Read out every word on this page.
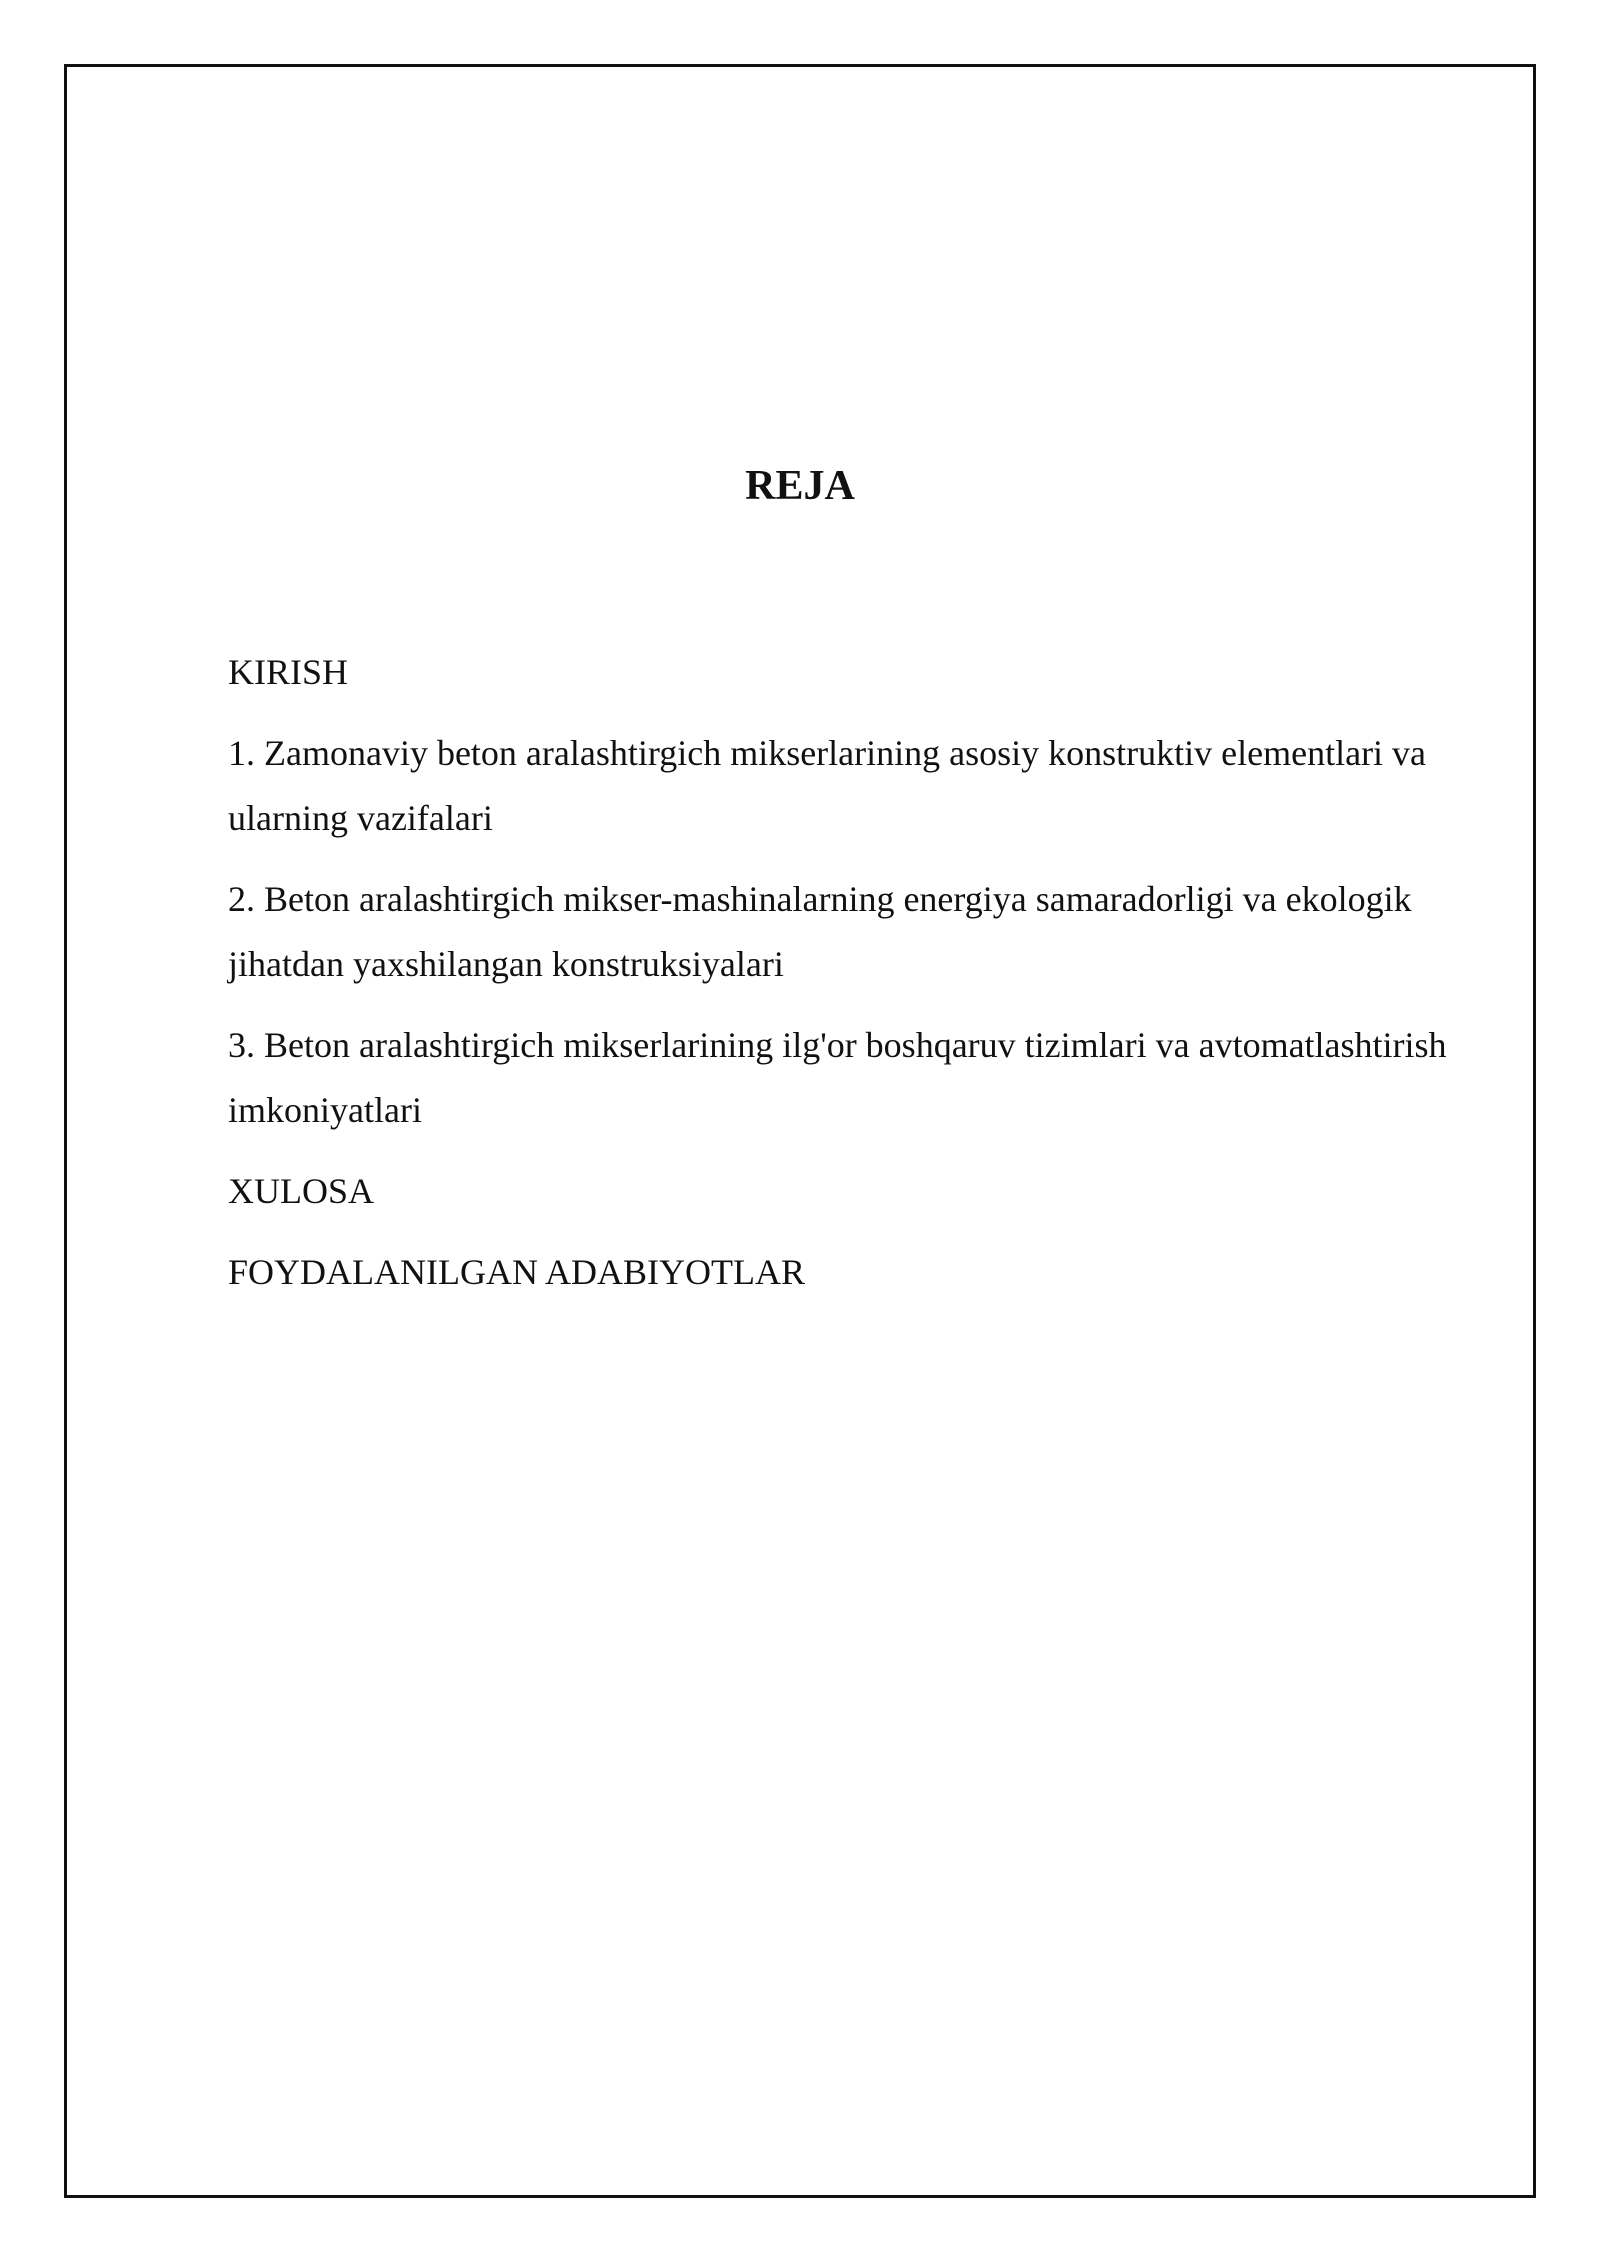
REJA
KIRISH
1. Zamonaviy beton aralashtirgich mikserlarining asosiy konstruktiv elementlari va ularning vazifalari
2. Beton aralashtirgich mikser-mashinalarning energiya samaradorligi va ekologik jihatdan yaxshilangan konstruksiyalari
3. Beton aralashtirgich mikserlarining ilg'or boshqaruv tizimlari va avtomatlashtirish imkoniyatlari
XULOSA
FOYDALANILGAN ADABIYOTLAR
